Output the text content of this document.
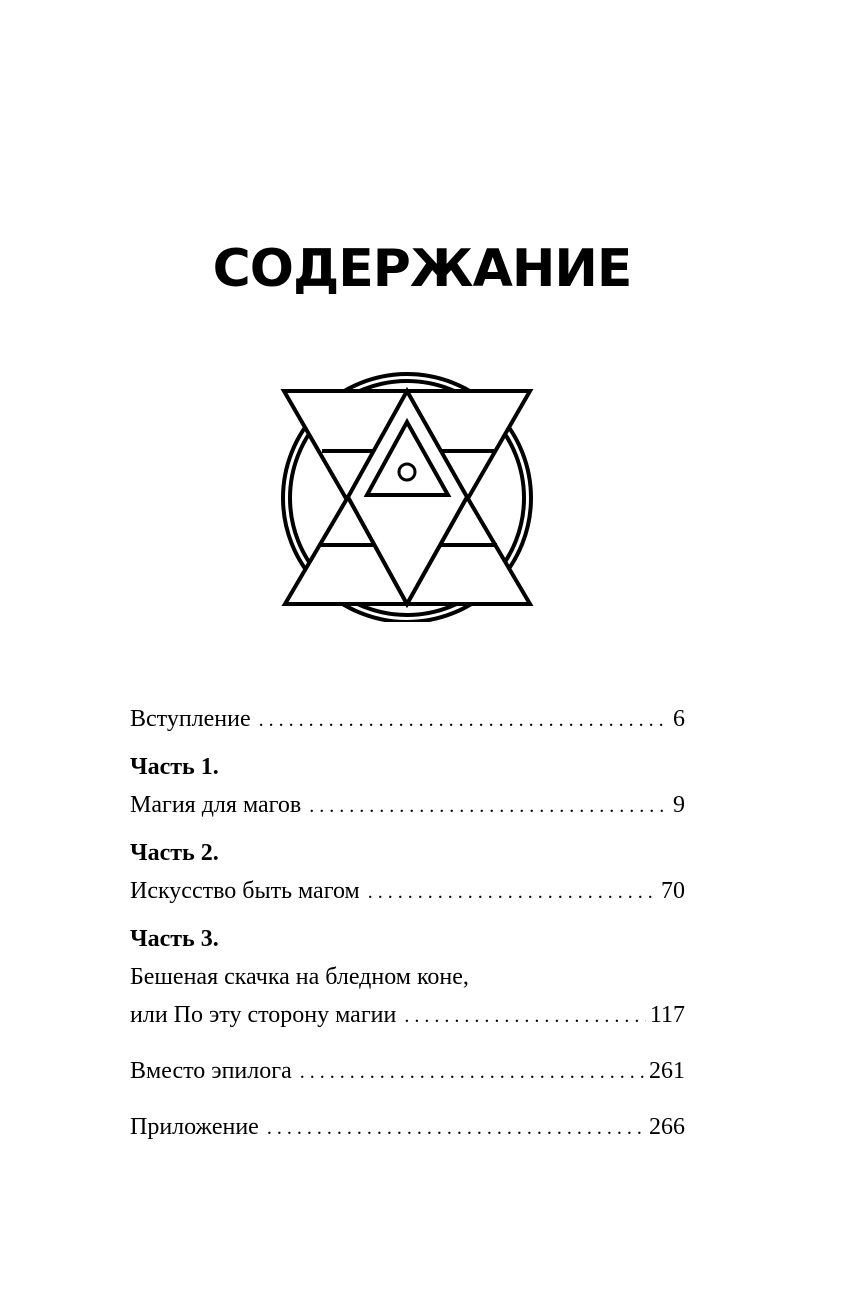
СОДЕРЖАНИЕ
Вступление . . .	6
Часть 1.
Магия для магов . . .	9
Часть 2.
Искусство быть магом . . .	70
Часть 3.
Бешеная скачка на бледном коне,
или По эту сторону магии . . .	117
Вместо эпилога . . .	261
Приложение . . .	266
